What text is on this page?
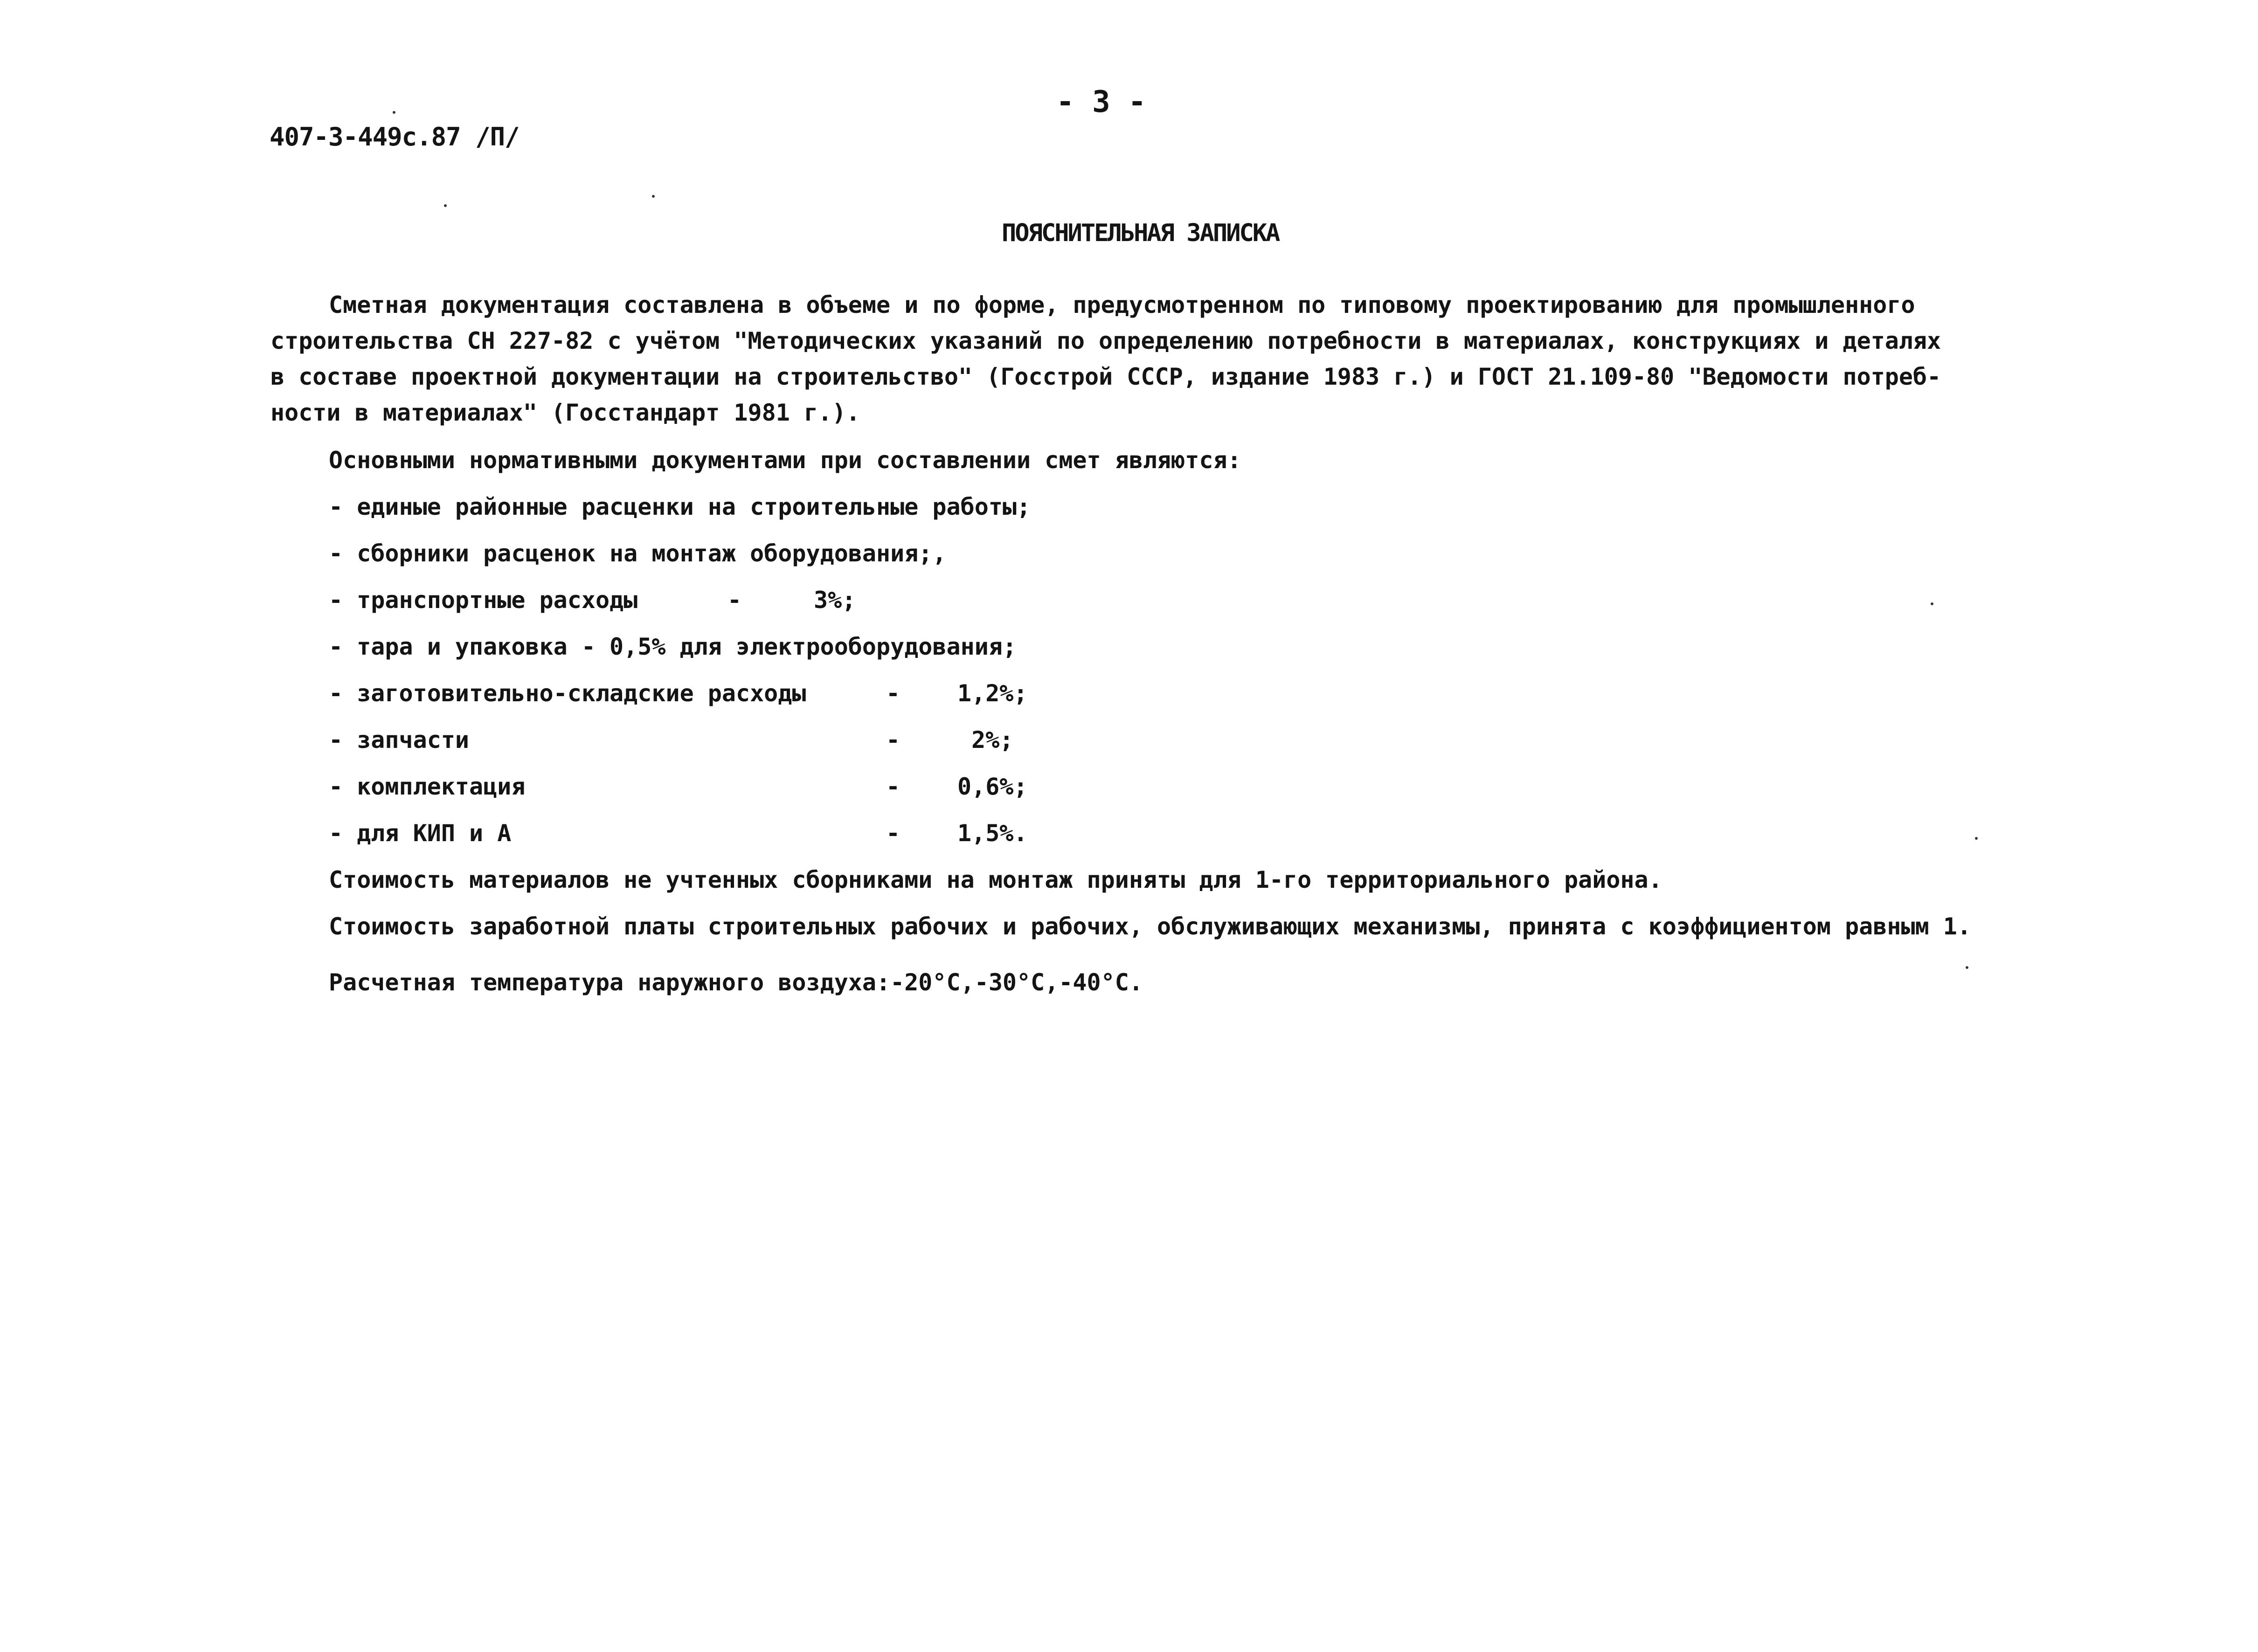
407-3-449с.87 /П/
- 3 -
ПОЯСНИТЕЛЬНАЯ ЗАПИСКА
Сметная документация составлена в объеме и по форме, предусмотренном по типовому проектированию для промышленного
строительства СН 227-82 с учётом "Методических указаний по определению потребности в материалах, конструкциях и деталях
в составе проектной документации на строительство" (Госстрой СССР, издание 1983 г.) и ГОСТ 21.109-80 "Ведомости потреб-
ности в материалах" (Госстандарт 1981 г.).
Основными нормативными документами при составлении смет являются:
- единые районные расценки на строительные работы;
- сборники расценок на монтаж оборудования;,
- транспортные расходы	-	3%;
- тара и упаковка - 0,5% для электрооборудования;
- заготовительно-складские расходы	- 1,2%;
- запчасти	- 2%;
- комплектация	- 0,6%;
- для КИП и А	- 1,5%.
Стоимость материалов не учтенных сборниками на монтаж приняты для 1-го территориального района.
Стоимость заработной платы строительных рабочих и рабочих, обслуживающих механизмы, принята с коэффициентом равным 1.
Расчетная температура наружного воздуха:-20°С,-30°С,-40°С.
